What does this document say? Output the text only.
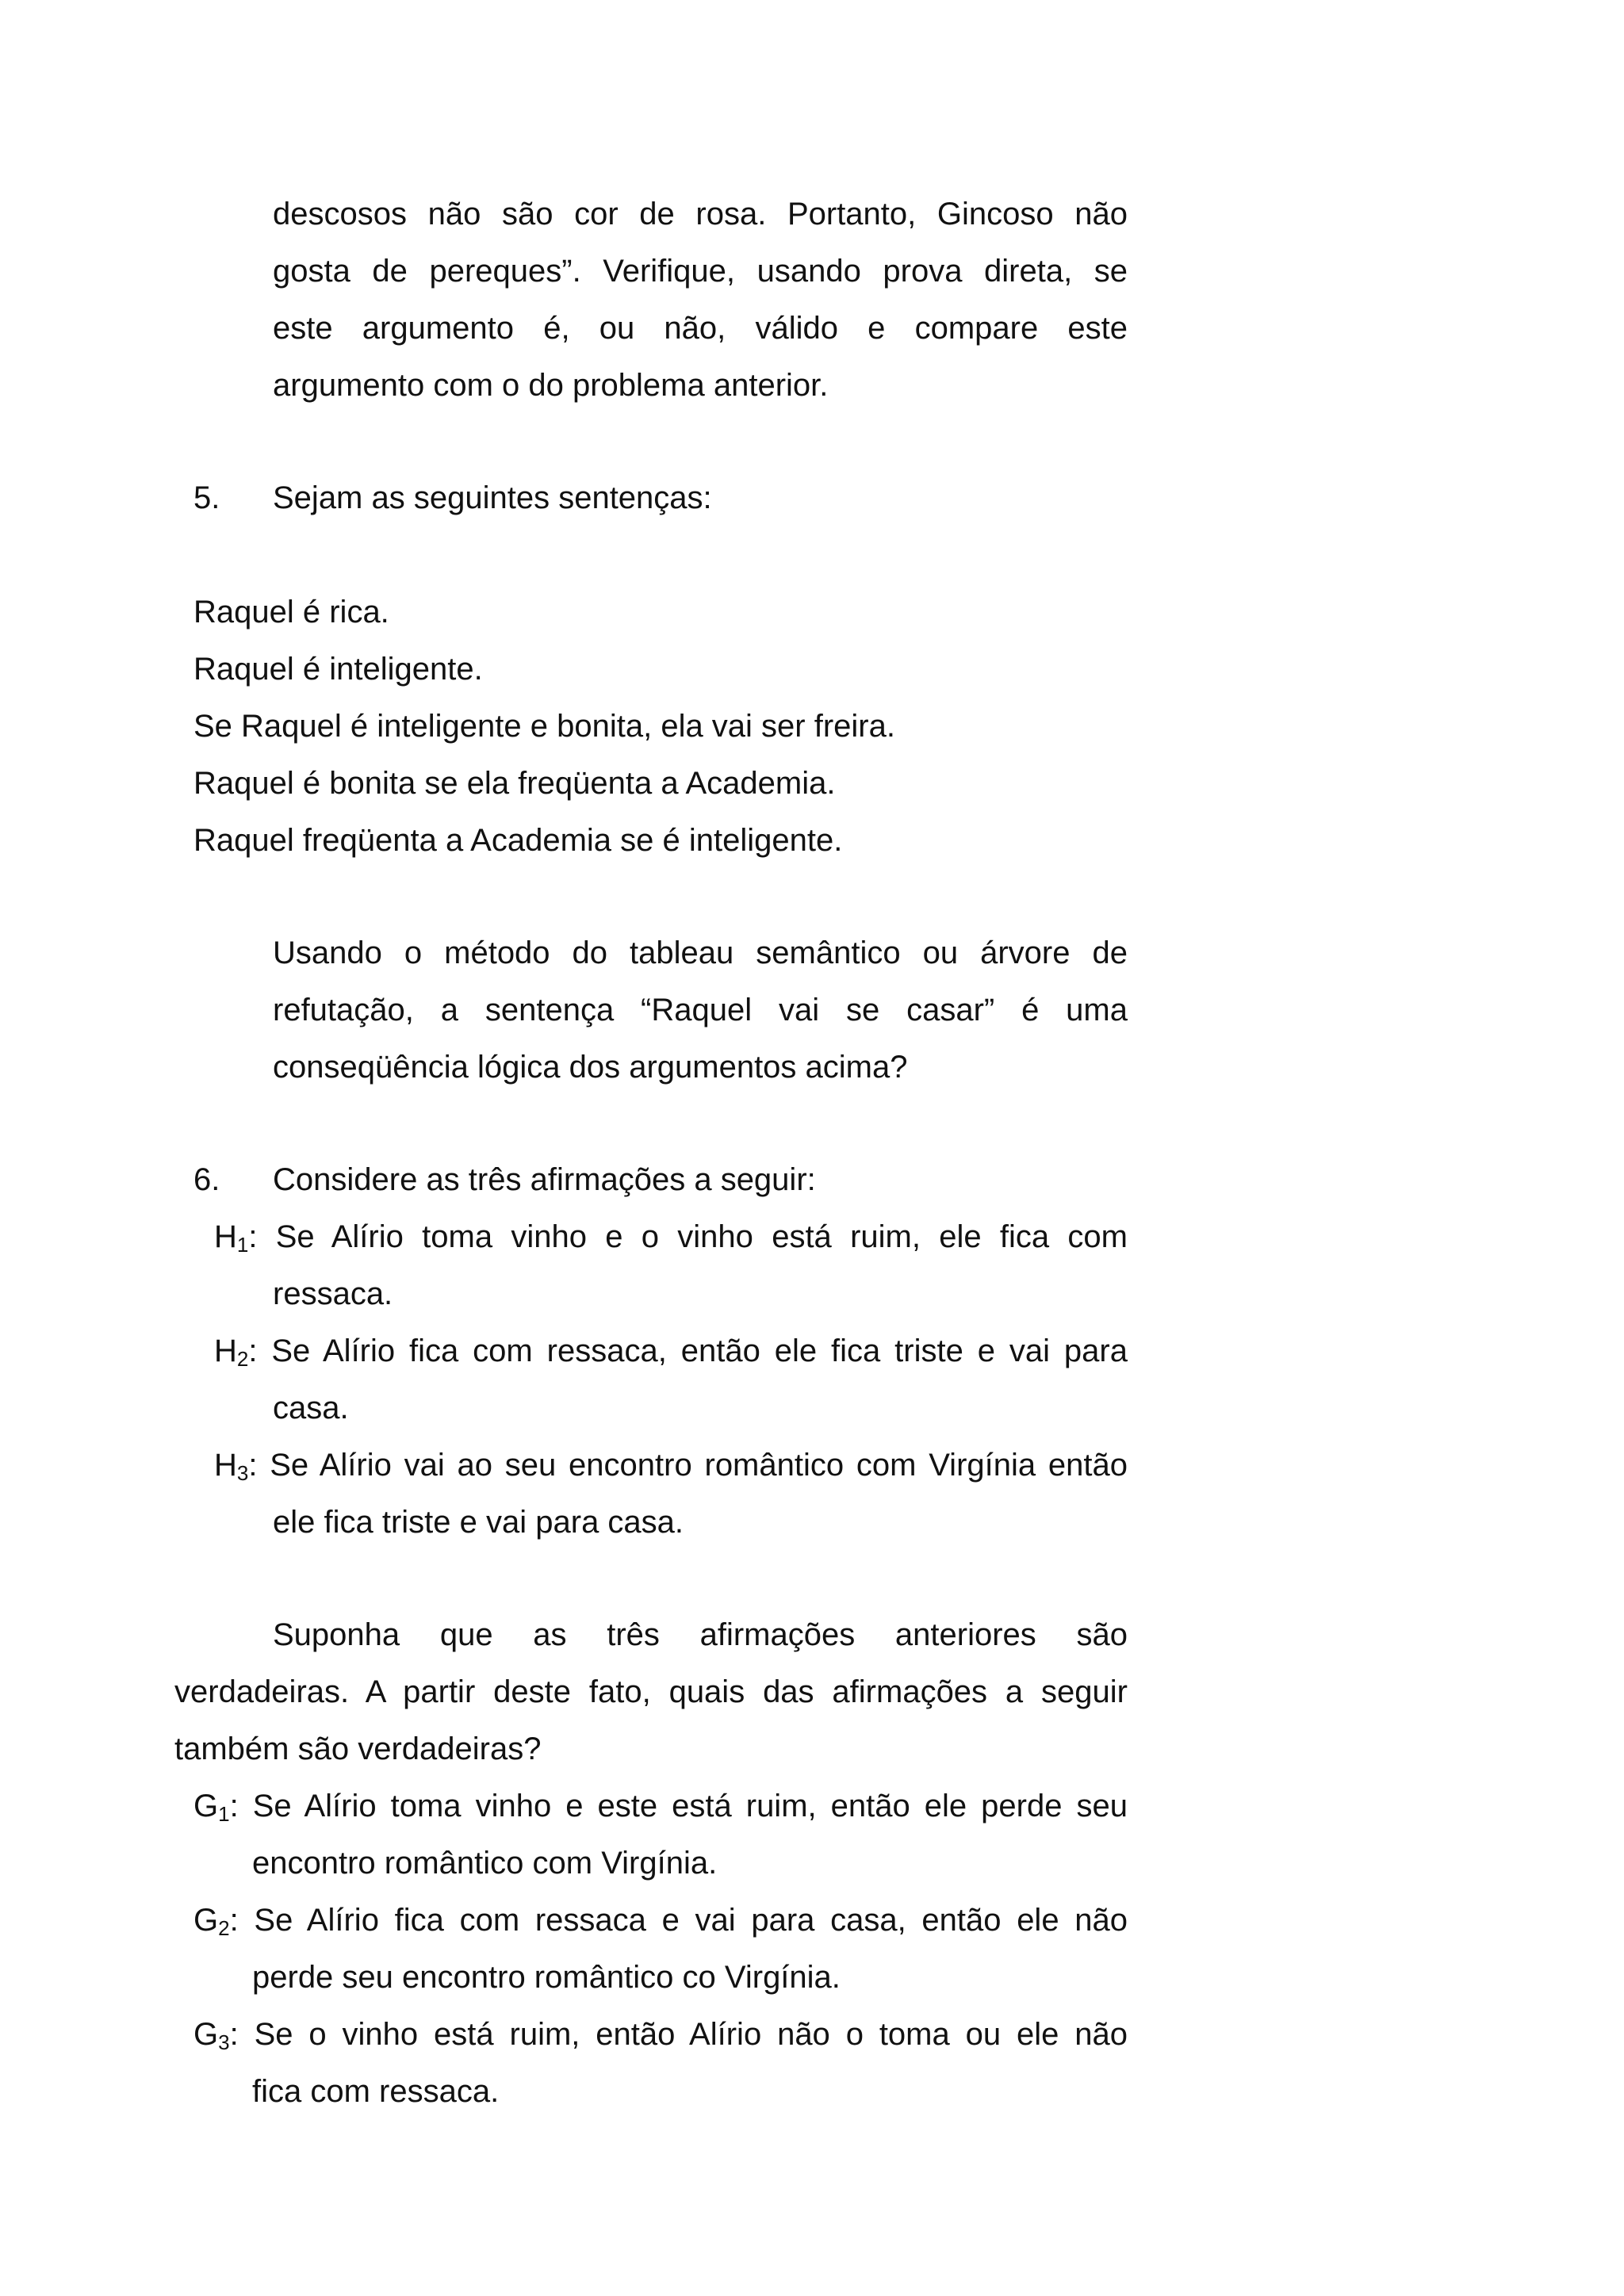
descosos não são cor de rosa. Portanto, Gincoso não
gosta de pereques”. Verifique, usando prova direta, se
este argumento é, ou não, válido e compare este
argumento com o do problema anterior.
5. Sejam as seguintes sentenças:
Raquel é rica.
Raquel é inteligente.
Se Raquel é inteligente e bonita, ela vai ser freira.
Raquel é bonita se ela freqüenta a Academia.
Raquel freqüenta a Academia se é inteligente.
Usando o método do tableau semântico ou árvore de
refutação, a sentença “Raquel vai se casar” é uma
conseqüência lógica dos argumentos acima?
6. Considere as três afirmações a seguir:
$H_1$: Se Alírio toma vinho e o vinho está ruim, ele fica com
ressaca.
$H_2$: Se Alírio fica com ressaca, então ele fica triste e vai para
casa.
$H_3$: Se Alírio vai ao seu encontro romântico com Virgínia então
ele fica triste e vai para casa.
Suponha que as três afirmações anteriores são
verdadeiras. A partir deste fato, quais das afirmações a seguir
também são verdadeiras?
$G_1$: Se Alírio toma vinho e este está ruim, então ele perde seu
encontro romântico com Virgínia.
$G_2$: Se Alírio fica com ressaca e vai para casa, então ele não
perde seu encontro romântico co Virgínia.
$G_3$: Se o vinho está ruim, então Alírio não o toma ou ele não
fica com ressaca.
